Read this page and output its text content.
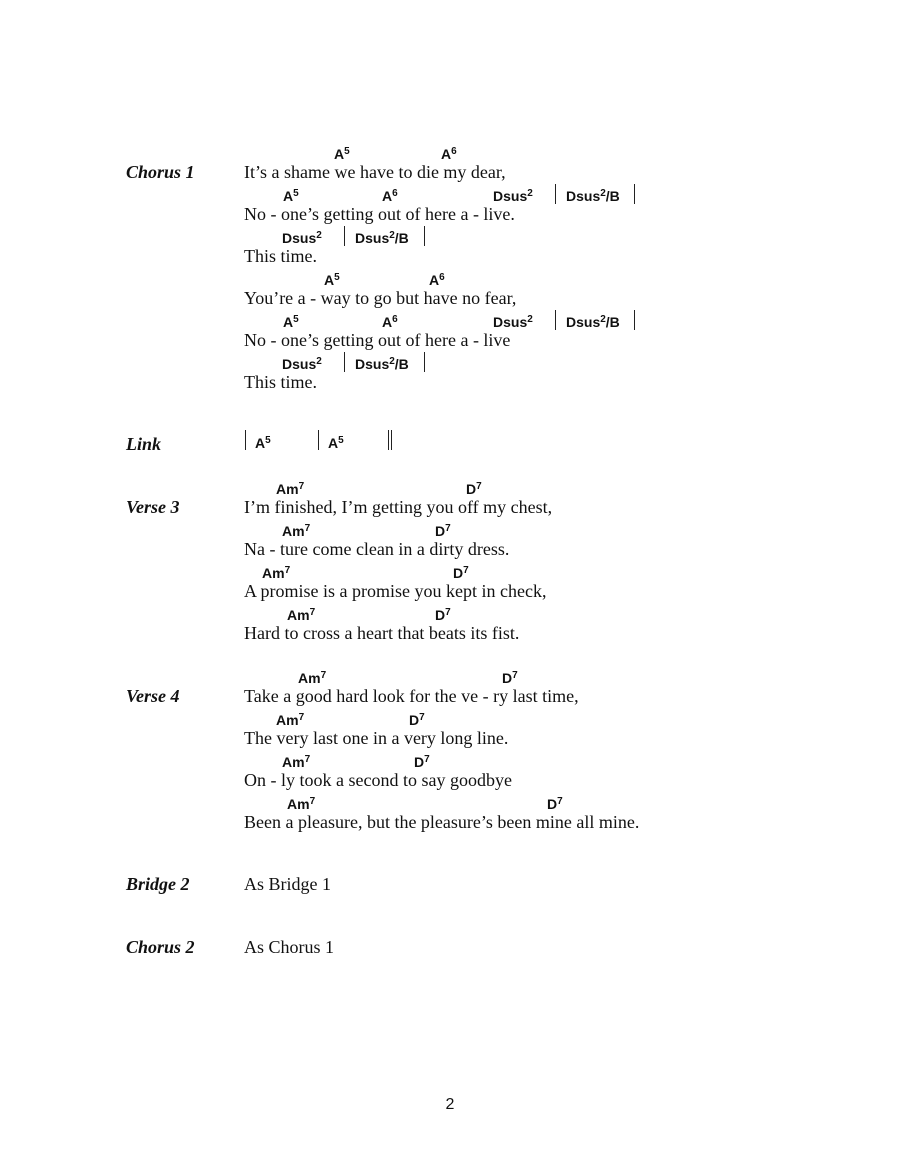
Chorus 1
$A^5$	$A^6$
It’s a shame we have to die my dear,
$A^5$	$A^6$	Dsus$^2$ Dsus$^2$/B
No - one’s getting out of here a - live.
Dsus$^2$ Dsus$^2$/B
This time.
$A^5$	$A^6$
You’re a - way to go but have no fear,
$A^5$	$A^6$	Dsus$^2$ Dsus$^2$/B
No - one’s getting out of here a - live
Dsus$^2$ Dsus$^2$/B
This time.
Link	$A^5$	$A^5$
Verse 3
Am$^7$	$D^7$
I’m finished, I’m getting you off my chest,
Am$^7$	$D^7$
Na - ture come clean in a dirty dress.
Am$^7$	$D^7$
A promise is a promise you kept in check,
Am$^7$	$D^7$
Hard to cross a heart that beats its fist.
Verse 4
Am$^7$	$D^7$
Take a good hard look for the ve - ry last time,
Am$^7$	$D^7$
The very last one in a very long line.
Am$^7$	$D^7$
On - ly took a second to say goodbye
Am$^7$	$D^7$
Been a pleasure, but the pleasure’s been mine all mine.
Bridge 2	As Bridge 1
Chorus 2	As Chorus 1
2
